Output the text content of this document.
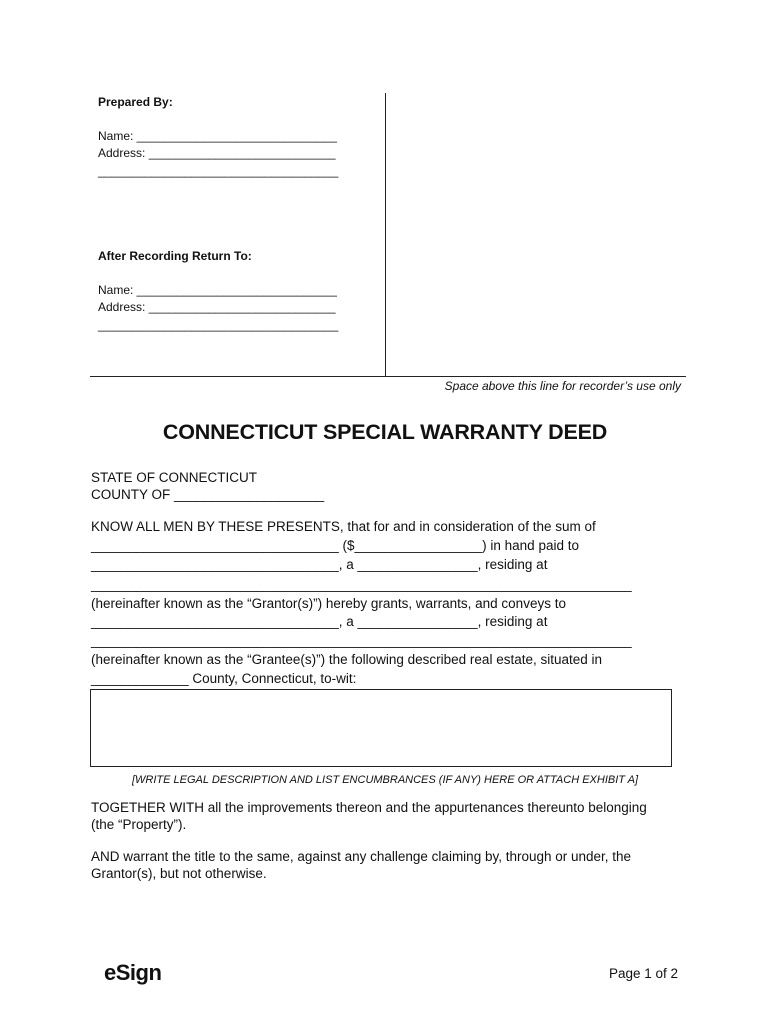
Prepared By:
Name: ______________________________
Address: ____________________________
____________________________________
After Recording Return To:
Name: ______________________________
Address: ____________________________
____________________________________
Space above this line for recorder’s use only
CONNECTICUT SPECIAL WARRANTY DEED
STATE OF CONNECTICUT
COUNTY OF ____________________
KNOW ALL MEN BY THESE PRESENTS, that for and in consideration of the sum of
_________________________________ ($_________________) in hand paid to
_________________________________, a ________________, residing at
________________________________________________________________________
(hereinafter known as the “Grantor(s)”) hereby grants, warrants, and conveys to
_________________________________, a ________________, residing at
________________________________________________________________________
(hereinafter known as the “Grantee(s)”) the following described real estate, situated in
_____________ County, Connecticut, to-wit:
[WRITE LEGAL DESCRIPTION AND LIST ENCUMBRANCES (IF ANY) HERE OR ATTACH EXHIBIT A]
TOGETHER WITH all the improvements thereon and the appurtenances thereunto belonging
(the “Property”).
AND warrant the title to the same, against any challenge claiming by, through or under, the
Grantor(s), but not otherwise.
eSign	Page 1 of 2
